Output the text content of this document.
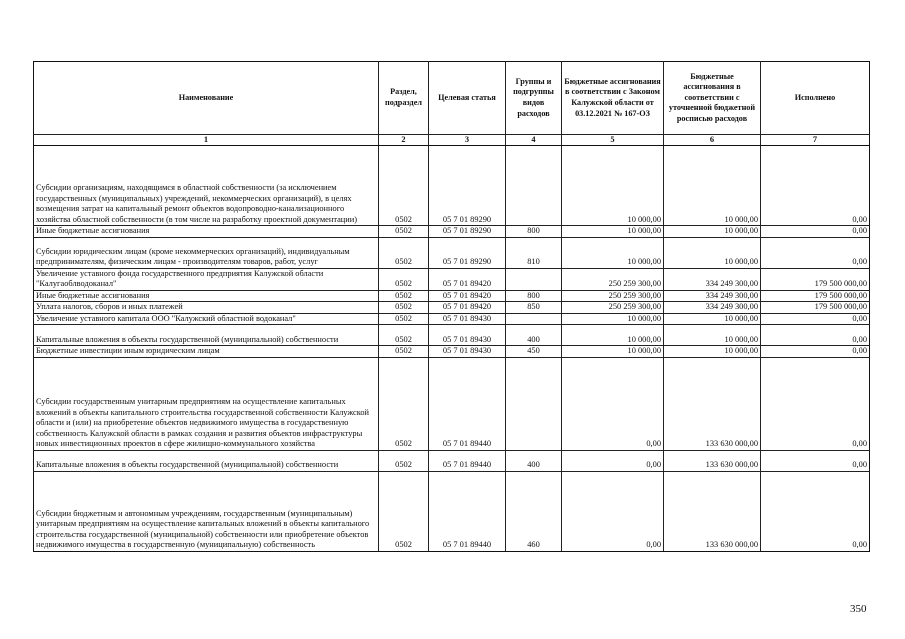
Наименование	Раздел, подраздел	Целевая статья	Группы и подгруппы видов расходов	Бюджетные ассигнования в соответствии с Законом Калужской области от 03.12.2021 № 167-ОЗ	Бюджетные ассигнования в соответствии с уточненной бюджетной росписью расходов	Исполнено
1	2	3	4	5	6	7
Субсидии организациям, находящимся в областной собственности (за исключением государственных (муниципальных) учреждений, некоммерческих организаций), в целях возмещения затрат на капитальный ремонт объектов водопроводно-канализационного хозяйства областной собственности (в том числе на разработку проектной документации)	0502	05 7 01 89290		10 000,00	10 000,00	0,00
Иные бюджетные ассигнования	0502	05 7 01 89290	800	10 000,00	10 000,00	0,00
Субсидии юридическим лицам (кроме некоммерческих организаций), индивидуальным предпринимателям, физическим лицам - производителям товаров, работ, услуг	0502	05 7 01 89290	810	10 000,00	10 000,00	0,00
Увеличение уставного фонда государственного предприятия Калужской области "Калугаоблводоканал"	0502	05 7 01 89420		250 259 300,00	334 249 300,00	179 500 000,00
Иные бюджетные ассигнования	0502	05 7 01 89420	800	250 259 300,00	334 249 300,00	179 500 000,00
Уплата налогов, сборов и иных платежей	0502	05 7 01 89420	850	250 259 300,00	334 249 300,00	179 500 000,00
Увеличение уставного капитала ООО "Калужский областной водоканал"	0502	05 7 01 89430		10 000,00	10 000,00	0,00
Капитальные вложения в объекты государственной (муниципальной) собственности	0502	05 7 01 89430	400	10 000,00	10 000,00	0,00
Бюджетные инвестиции иным юридическим лицам	0502	05 7 01 89430	450	10 000,00	10 000,00	0,00
Субсидии государственным унитарным предприятиям на осуществление капитальных вложений в объекты капитального строительства государственной собственности Калужской области и (или) на приобретение объектов недвижимого имущества в государственную собственность Калужской области в рамках создания и развития объектов инфраструктуры новых инвестиционных проектов в сфере жилищно-коммунального хозяйства	0502	05 7 01 89440		0,00	133 630 000,00	0,00
Капитальные вложения в объекты государственной (муниципальной) собственности	0502	05 7 01 89440	400	0,00	133 630 000,00	0,00
Субсидии бюджетным и автономным учреждениям, государственным (муниципальным) унитарным предприятиям на осуществление капитальных вложений в объекты капитального строительства государственной (муниципальной) собственности или приобретение объектов недвижимого имущества в государственную (муниципальную) собственность	0502	05 7 01 89440	460	0,00	133 630 000,00	0,00
350
